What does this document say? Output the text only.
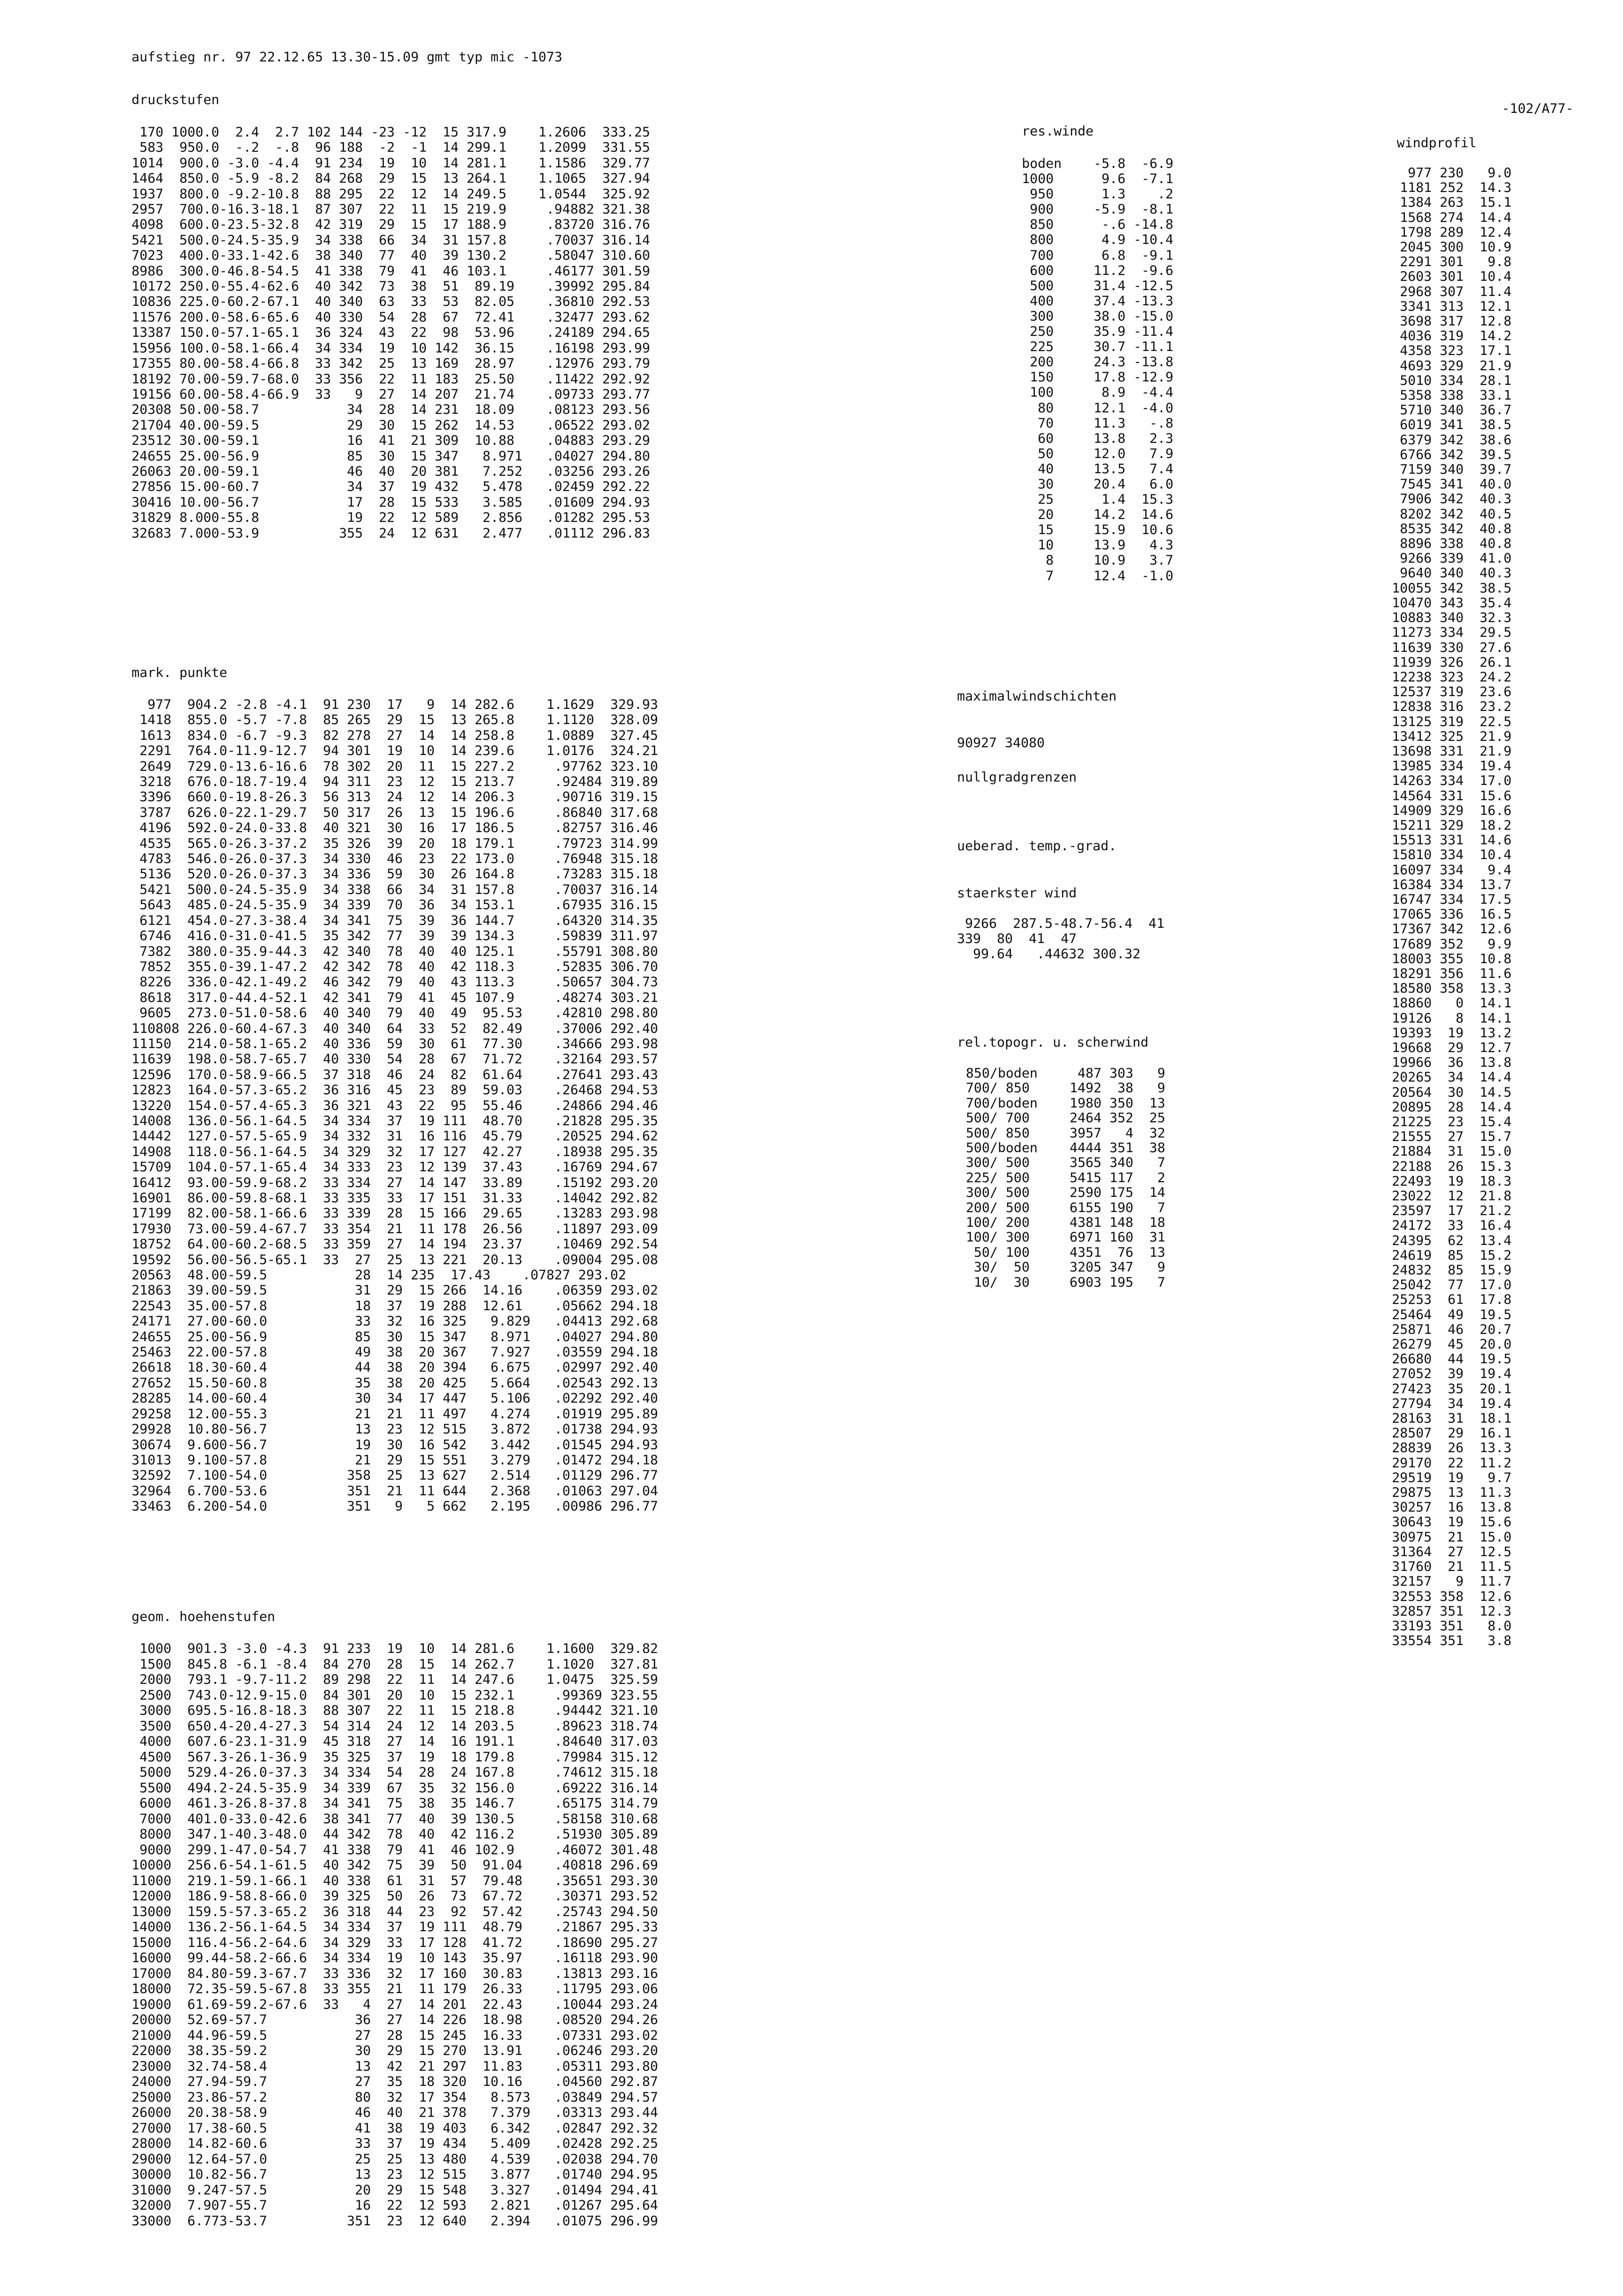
aufstieg nr. 97 22.12.65 13.30-15.09 gmt typ mic -1073
-102/A77-
druckstufen
170 1000.0  2.4  2.7 102 144 -23 -12  15 317.9    1.2606  333.25
583  950.0  -.2  -.8  96 188  -2  -1  14 299.1    1.2099  331.55
1014  900.0 -3.0 -4.4  91 234  19  10  14 281.1    1.1586  329.77
1464  850.0 -5.9 -8.2  84 268  29  15  13 264.1    1.1065  327.94
1937  800.0 -9.2-10.8  88 295  22  12  14 249.5    1.0544  325.92
2957  700.0-16.3-18.1  87 307  22  11  15 219.9     .94882 321.38
4098  600.0-23.5-32.8  42 319  29  15  17 188.9     .83720 316.76
5421  500.0-24.5-35.9  34 338  66  34  31 157.8     .70037 316.14
7023  400.0-33.1-42.6  38 340  77  40  39 130.2     .58047 310.60
8986  300.0-46.8-54.5  41 338  79  41  46 103.1     .46177 301.59
10172 250.0-55.4-62.6  40 342  73  38  51  89.19    .39992 295.84
10836 225.0-60.2-67.1  40 340  63  33  53  82.05    .36810 292.53
11576 200.0-58.6-65.6  40 330  54  28  67  72.41    .32477 293.62
13387 150.0-57.1-65.1  36 324  43  22  98  53.96    .24189 294.65
15956 100.0-58.1-66.4  34 334  19  10 142  36.15    .16198 293.99
17355 80.00-58.4-66.8  33 342  25  13 169  28.97    .12976 293.79
18192 70.00-59.7-68.0  33 356  22  11 183  25.50    .11422 292.92
19156 60.00-58.4-66.9  33   9  27  14 207  21.74    .09733 293.77
20308 50.00-58.7           34  28  14 231  18.09    .08123 293.56
21704 40.00-59.5           29  30  15 262  14.53    .06522 293.02
23512 30.00-59.1           16  41  21 309  10.88    .04883 293.29
24655 25.00-56.9           85  30  15 347   8.971   .04027 294.80
26063 20.00-59.1           46  40  20 381   7.252   .03256 293.26
27856 15.00-60.7           34  37  19 432   5.478   .02459 292.22
30416 10.00-56.7           17  28  15 533   3.585   .01609 294.93
31829 8.000-55.8           19  22  12 589   2.856   .01282 295.53
32683 7.000-53.9          355  24  12 631   2.477   .01112 296.83
mark. punkte
977  904.2 -2.8 -4.1  91 230  17   9  14 282.6    1.1629  329.93
1418  855.0 -5.7 -7.8  85 265  29  15  13 265.8    1.1120  328.09
1613  834.0 -6.7 -9.3  82 278  27  14  14 258.8    1.0889  327.45
2291  764.0-11.9-12.7  94 301  19  10  14 239.6    1.0176  324.21
2649  729.0-13.6-16.6  78 302  20  11  15 227.2     .97762 323.10
3218  676.0-18.7-19.4  94 311  23  12  15 213.7     .92484 319.89
3396  660.0-19.8-26.3  56 313  24  12  14 206.3     .90716 319.15
3787  626.0-22.1-29.7  50 317  26  13  15 196.6     .86840 317.68
4196  592.0-24.0-33.8  40 321  30  16  17 186.5     .82757 316.46
4535  565.0-26.3-37.2  35 326  39  20  18 179.1     .79723 314.99
4783  546.0-26.0-37.3  34 330  46  23  22 173.0     .76948 315.18
5136  520.0-26.0-37.3  34 336  59  30  26 164.8     .73283 315.18
5421  500.0-24.5-35.9  34 338  66  34  31 157.8     .70037 316.14
5643  485.0-24.5-35.9  34 339  70  36  34 153.1     .67935 316.15
6121  454.0-27.3-38.4  34 341  75  39  36 144.7     .64320 314.35
6746  416.0-31.0-41.5  35 342  77  39  39 134.3     .59839 311.97
7382  380.0-35.9-44.3  42 340  78  40  40 125.1     .55791 308.80
7852  355.0-39.1-47.2  42 342  78  40  42 118.3     .52835 306.70
8226  336.0-42.1-49.2  46 342  79  40  43 113.3     .50657 304.73
8618  317.0-44.4-52.1  42 341  79  41  45 107.9     .48274 303.21
9605  273.0-51.0-58.6  40 340  79  40  49  95.53    .42810 298.80
110808 226.0-60.4-67.3  40 340  64  33  52  82.49    .37006 292.40
11150  214.0-58.1-65.2  40 336  59  30  61  77.30    .34666 293.98
11639  198.0-58.7-65.7  40 330  54  28  67  71.72    .32164 293.57
12596  170.0-58.9-66.5  37 318  46  24  82  61.64    .27641 293.43
12823  164.0-57.3-65.2  36 316  45  23  89  59.03    .26468 294.53
13220  154.0-57.4-65.3  36 321  43  22  95  55.46    .24866 294.46
14008  136.0-56.1-64.5  34 334  37  19 111  48.70    .21828 295.35
14442  127.0-57.5-65.9  34 332  31  16 116  45.79    .20525 294.62
14908  118.0-56.1-64.5  34 329  32  17 127  42.27    .18938 295.35
15709  104.0-57.1-65.4  34 333  23  12 139  37.43    .16769 294.67
16412  93.00-59.9-68.2  33 334  27  14 147  33.89    .15192 293.20
16901  86.00-59.8-68.1  33 335  33  17 151  31.33    .14042 292.82
17199  82.00-58.1-66.6  33 339  28  15 166  29.65    .13283 293.98
17930  73.00-59.4-67.7  33 354  21  11 178  26.56    .11897 293.09
18752  64.00-60.2-68.5  33 359  27  14 194  23.37    .10469 292.54
19592  56.00-56.5-65.1  33  27  25  13 221  20.13    .09004 295.08
20563  48.00-59.5           28  14 235  17.43    .07827 293.02
21863  39.00-59.5           31  29  15 266  14.16    .06359 293.02
22543  35.00-57.8           18  37  19 288  12.61    .05662 294.18
24171  27.00-60.0           33  32  16 325   9.829   .04413 292.68
24655  25.00-56.9           85  30  15 347   8.971   .04027 294.80
25463  22.00-57.8           49  38  20 367   7.927   .03559 294.18
26618  18.30-60.4           44  38  20 394   6.675   .02997 292.40
27652  15.50-60.8           35  38  20 425   5.664   .02543 292.13
28285  14.00-60.4           30  34  17 447   5.106   .02292 292.40
29258  12.00-55.3           21  21  11 497   4.274   .01919 295.89
29928  10.80-56.7           13  23  12 515   3.872   .01738 294.93
30674  9.600-56.7           19  30  16 542   3.442   .01545 294.93
31013  9.100-57.8           21  29  15 551   3.279   .01472 294.18
32592  7.100-54.0          358  25  13 627   2.514   .01129 296.77
32964  6.700-53.6          351  21  11 644   2.368   .01063 297.04
33463  6.200-54.0          351   9   5 662   2.195   .00986 296.77
geom. hoehenstufen
1000  901.3 -3.0 -4.3  91 233  19  10  14 281.6    1.1600  329.82
1500  845.8 -6.1 -8.4  84 270  28  15  14 262.7    1.1020  327.81
2000  793.1 -9.7-11.2  89 298  22  11  14 247.6    1.0475  325.59
2500  743.0-12.9-15.0  84 301  20  10  15 232.1     .99369 323.55
3000  695.5-16.8-18.3  88 307  22  11  15 218.8     .94442 321.10
3500  650.4-20.4-27.3  54 314  24  12  14 203.5     .89623 318.74
4000  607.6-23.1-31.9  45 318  27  14  16 191.1     .84640 317.03
4500  567.3-26.1-36.9  35 325  37  19  18 179.8     .79984 315.12
5000  529.4-26.0-37.3  34 334  54  28  24 167.8     .74612 315.18
5500  494.2-24.5-35.9  34 339  67  35  32 156.0     .69222 316.14
6000  461.3-26.8-37.8  34 341  75  38  35 146.7     .65175 314.79
7000  401.0-33.0-42.6  38 341  77  40  39 130.5     .58158 310.68
8000  347.1-40.3-48.0  44 342  78  40  42 116.2     .51930 305.89
9000  299.1-47.0-54.7  41 338  79  41  46 102.9     .46072 301.48
10000  256.6-54.1-61.5  40 342  75  39  50  91.04    .40818 296.69
11000  219.1-59.1-66.1  40 338  61  31  57  79.48    .35651 293.30
12000  186.9-58.8-66.0  39 325  50  26  73  67.72    .30371 293.52
13000  159.5-57.3-65.2  36 318  44  23  92  57.42    .25743 294.50
14000  136.2-56.1-64.5  34 334  37  19 111  48.79    .21867 295.33
15000  116.4-56.2-64.6  34 329  33  17 128  41.72    .18690 295.27
16000  99.44-58.2-66.6  34 334  19  10 143  35.97    .16118 293.90
17000  84.80-59.3-67.7  33 336  32  17 160  30.83    .13813 293.16
18000  72.35-59.5-67.8  33 355  21  11 179  26.33    .11795 293.06
19000  61.69-59.2-67.6  33   4  27  14 201  22.43    .10044 293.24
20000  52.69-57.7           36  27  14 226  18.98    .08520 294.26
21000  44.96-59.5           27  28  15 245  16.33    .07331 293.02
22000  38.35-59.2           30  29  15 270  13.91    .06246 293.20
23000  32.74-58.4           13  42  21 297  11.83    .05311 293.80
24000  27.94-59.7           27  35  18 320  10.16    .04560 292.87
25000  23.86-57.2           80  32  17 354   8.573   .03849 294.57
26000  20.38-58.9           46  40  21 378   7.379   .03313 293.44
27000  17.38-60.5           41  38  19 403   6.342   .02847 292.32
28000  14.82-60.6           33  37  19 434   5.409   .02428 292.25
29000  12.64-57.0           25  25  13 480   4.539   .02038 294.70
30000  10.82-56.7           13  23  12 515   3.877   .01740 294.95
31000  9.247-57.5           20  29  15 548   3.327   .01494 294.41
32000  7.907-55.7           16  22  12 593   2.821   .01267 295.64
33000  6.773-53.7          351  23  12 640   2.394   .01075 296.99
res.winde
boden    -5.8  -6.9
1000      9.6  -7.1
950      1.3    .2
900     -5.9  -8.1
850      -.6 -14.8
800      4.9 -10.4
700      6.8  -9.1
600     11.2  -9.6
500     31.4 -12.5
400     37.4 -13.3
300     38.0 -15.0
250     35.9 -11.4
225     30.7 -11.1
200     24.3 -13.8
150     17.8 -12.9
100      8.9  -4.4
80     12.1  -4.0
70     11.3   -.8
60     13.8   2.3
50     12.0   7.9
40     13.5   7.4
30     20.4   6.0
25      1.4  15.3
20     14.2  14.6
15     15.9  10.6
10     13.9   4.3
8     10.9   3.7
7     12.4  -1.0
maximalwindschichten
90927 34080
nullgradgrenzen
ueberad. temp.-grad.
staerkster wind
9266  287.5-48.7-56.4  41
339  80  41  47
99.64   .44632 300.32
rel.topogr. u. scherwind
850/boden     487 303   9
700/ 850     1492  38   9
700/boden    1980 350  13
500/ 700     2464 352  25
500/ 850     3957   4  32
500/boden    4444 351  38
300/ 500     3565 340   7
225/ 500     5415 117   2
300/ 500     2590 175  14
200/ 500     6155 190   7
100/ 200     4381 148  18
100/ 300     6971 160  31
50/ 100     4351  76  13
30/  50     3205 347   9
10/  30     6903 195   7
windprofil
977 230   9.0
1181 252  14.3
1384 263  15.1
1568 274  14.4
1798 289  12.4
2045 300  10.9
2291 301   9.8
2603 301  10.4
2968 307  11.4
3341 313  12.1
3698 317  12.8
4036 319  14.2
4358 323  17.1
4693 329  21.9
5010 334  28.1
5358 338  33.1
5710 340  36.7
6019 341  38.5
6379 342  38.6
6766 342  39.5
7159 340  39.7
7545 341  40.0
7906 342  40.3
8202 342  40.5
8535 342  40.8
8896 338  40.8
9266 339  41.0
9640 340  40.3
10055 342  38.5
10470 343  35.4
10883 340  32.3
11273 334  29.5
11639 330  27.6
11939 326  26.1
12238 323  24.2
12537 319  23.6
12838 316  23.2
13125 319  22.5
13412 325  21.9
13698 331  21.9
13985 334  19.4
14263 334  17.0
14564 331  15.6
14909 329  16.6
15211 329  18.2
15513 331  14.6
15810 334  10.4
16097 334   9.4
16384 334  13.7
16747 334  17.5
17065 336  16.5
17367 342  12.6
17689 352   9.9
18003 355  10.8
18291 356  11.6
18580 358  13.3
18860   0  14.1
19126   8  14.1
19393  19  13.2
19668  29  12.7
19966  36  13.8
20265  34  14.4
20564  30  14.5
20895  28  14.4
21225  23  15.4
21555  27  15.7
21884  31  15.0
22188  26  15.3
22493  19  18.3
23022  12  21.8
23597  17  21.2
24172  33  16.4
24395  62  13.4
24619  85  15.2
24832  85  15.9
25042  77  17.0
25253  61  17.8
25464  49  19.5
25871  46  20.7
26279  45  20.0
26680  44  19.5
27052  39  19.4
27423  35  20.1
27794  34  19.4
28163  31  18.1
28507  29  16.1
28839  26  13.3
29170  22  11.2
29519  19   9.7
29875  13  11.3
30257  16  13.8
30643  19  15.6
30975  21  15.0
31364  27  12.5
31760  21  11.5
32157   9  11.7
32553 358  12.6
32857 351  12.3
33193 351   8.0
33554 351   3.8
